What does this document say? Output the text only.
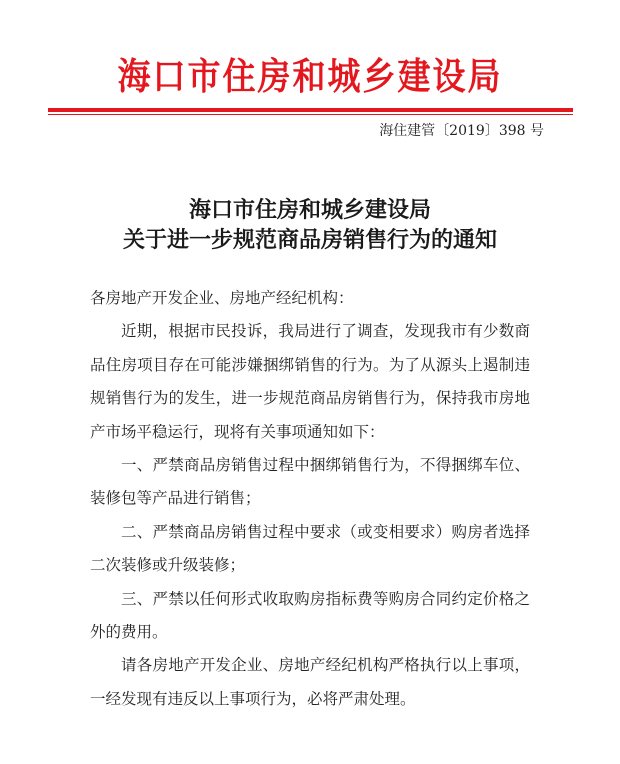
海口市住房和城乡建设局
海住建管〔2019〕398 号
海口市住房和城乡建设局
关于进一步规范商品房销售行为的通知

各房地产开发企业、房地产经纪机构：

近期，根据市民投诉，我局进行了调查，发现我市有少数商品住房项目存在可能涉嫌捆绑销售的行为。为了从源头上遏制违规销售行为的发生，进一步规范商品房销售行为，保持我市房地产市场平稳运行，现将有关事项通知如下：

一、严禁商品房销售过程中捆绑销售行为，不得捆绑车位、装修包等产品进行销售；

二、严禁商品房销售过程中要求（或变相要求）购房者选择二次装修或升级装修；

三、严禁以任何形式收取购房指标费等购房合同约定价格之外的费用。

请各房地产开发企业、房地产经纪机构严格执行以上事项，一经发现有违反以上事项行为，必将严肃处理。
